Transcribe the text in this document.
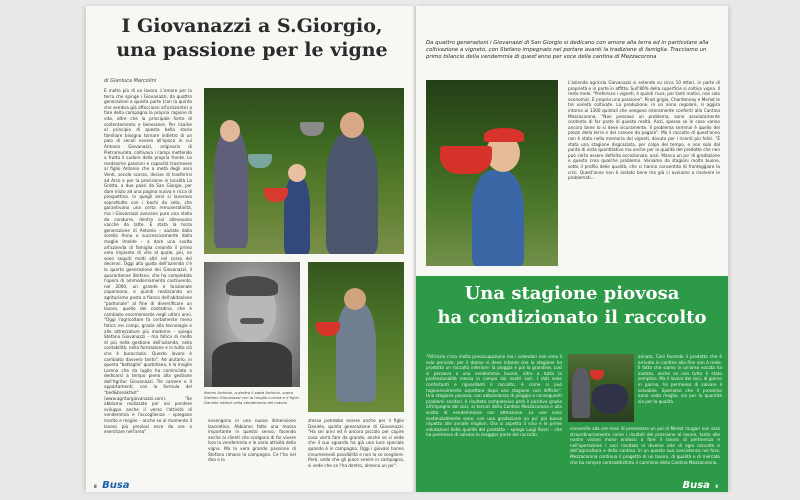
I Giovanazzi a S.Giorgio,
una passione per le vigne
di Gianluca Marcolini
È molto più di un lavoro. L'amore per la terra che spinge i Giovanazzi, da quattro generazioni a questa parte (con la quinta che sembra già affacciarsi all'orizzonte) a fare della campagna la propria ragione di vita, oltre che la principale fonte di sostentamento e benessere. Per risalire al principio di questa bella storia familiare bisogna tornare indietro di un paio di secoli ovvero all'epoca in cui Antonio Giovanazzi, originario di Pietramurata, coltivava i campi mettendo a frutto il sudore della propria fronte. Le medesime passioni e capacità trasmesse al figlio Antonio che a metà degli anni Venti, secolo scorso, decise di trasferirsi ad Arco e per la precisione in località La Grotta, a due passi da San Giorgio, per dare inizio ad una pagina nuova e ricca di prospettiva. In quegli anni si lavorava soprattutto con i bachi da seta, che garantivano una certa remuneratività, ma i Giovanazzi avevano pure una stalla da condurre, dentro cui allevavano vacche da latte. È stata la terza generazione di Antonio – aiutato dalla sorella Anna e successivamente dalla moglie Imelde – a dare una svolta all'azienda di famiglia creando il primo vero impianto di vite al quale, poi, ne sono seguiti molti altri nel corso dei decenni. Oggi alla guida dell'azienda c'è la quarta generazione dei Giovanazzi, il quarantenne Stefano, che ha completato l'opera di ammodernamento costruendo, nel 2000, un grande e funzionale capannone, e quindi realizzando un agriturismo posto a fianco dell'abitazione "padronale" al fine di diversificare un lavoro, quello del contadino, che è cambiato enormemente negli ultimi anni. "Oggi l'agricoltore fa certamente meno fatica nei campi, grazie alla tecnologia e alle attrezzature più moderne – spiega Stefano Giovanazzi – ma fatica di molto di più nella gestione dell'azienda, nella contabilità, nella formazione e in tutto ciò che è burocrazia. Questo lavoro è cambiato davvero tanto". Ad aiutarlo, in questa "battaglia" quotidiana, è la moglie Lorena che da luglio ha cominciato a dedicarsi a tempo pieno alla gestione dell'Agritur Giovanazzi. Tre camere e 4 appartamenti, con la formula del "bed&breakfast" (www.agriturgiovanazzi.com). "Se abbiamo realizzato per noi pendere sviluppo anche il verso l'attività di vendemmia e l'accoglienza – spiegano marito e moglie – anche se al momento il lavoro più preziosi esce da ore a esercitare nell'area".
Nonno Antonio, a destra il papà Antonio, sopra Stefano Giovanazzi con la moglie Lorena e il figlio Daniele intenti nella vendemmia del marzio
avvengono in una nuova dimensione lavorativa. Abbiamo fatto una mossa importante in questo senso, facendo anche ai clienti che scelgono di far vivere loro la vendemmia e le varie attività della vigna. Ma la vera grande passione di Stefano rimane la campagna. Ce l'ha nel dna e lo
stesso potrebbe essere anche per il figlio Daniele, quinta generazione di Giovanazzi. "Ha sei anni ed è ancora piccolo per capire cosa vorrà fare da grande, anche se si vede che il suo sguardo ha già una luce speciale quando è in campagna. Oggi i giovani hanno innumerevoli possibilità e non lo so scegliere. Però, vedo che gli piace venire in campagna, si vede che ce l'ha dentro, almeno un po'".
8 Busa
Da quattro generazioni i Giovanazzi di San Giorgio si dedicano con amore alla terra ed in particolare alla coltivazione a vigneto, con Stefano impegnato nel portare avanti la tradizione di famiglia. Tracciamo un primo bilancio della vendemmia di quest'anno per voce della cantina di Mezzacorona
L'azienda agricola Giovanazzi si estende su circa 10 ettari, in parte di proprietà e in parte in affitto. Sull'80% della superficie si coltiva vigna. Il resto mele. "Preferisco i vigneti, è quindi l'uva, per tanti motivi, non solo economici. È proprio una passione". Pinot grigio, Chardonnay e Merlot le tre varietà coltivate. La produzione, in un anno regolare, si aggira intorno ai 1300 quintali che vengono interamente conferiti alla Cantina Mezzacorona. "Non pensavo un problema, sono assolutamente contento di far parte di questa realtà. Anzi, spesso se le cose vanno ancora bene lo si deve sicuramente. Il problema semmai è quello dei prezzi della terra e del canone da pagare". Ma il raccolto di quest'anno non è stato nella memoria dei vigneti, dovuto per i ricordi più felici. "È stata una stagione disgraziata, per colpa del tempo, e non solo dal punto di vista quantitativo ma anche per la qualità del prodotto che non può certo essere definita eccezionale, anzi. Manca un po' di gradazione e questo crea qualche problema. Veniamo da stagioni molto buone, sotto il profilo delle qualità, che ci hanno consentito di fronteggiare la crisi. Quest'anno non è andato bene ma già ci avviamo a risolvere le problemati...
Una stagione piovosa
ha condizionato il raccolto
"All'inizio c'era molta preoccupazione ma i calendari non sono il solo pericolo; per il danno si deve intanto che la stagione ha prodotto un raccolto inferiore: la pioggia e poi la grandine, così si pensava a una vendemmia buona, oltre a tutta la professionalità messa in campo dai nostri soci. I dati sono confortanti e riguardanti il raccolto, è come si può ragionevolmente aspettare dopo una stagione così difficile". Una stagione piovosa, con abbondanza di pioggia e conseguenti problemi sanitari. Il risultato complessivo però è positivo grazie all'impegno dei soci, ai tecnici della Cantina Mezzacorona e alla scelta di vendemmiare con attenzione. Le uve sono sostanzialmente sane, con una gradazione un po' più bassa rispetto alle annate migliori. Ora si aspetta il vino e le prime valutazioni della qualità del prodotto – spiega Luigi Rossi – che ha permesso di salvare la maggior parte del raccolto.
annata. Così facendo il prodotto che è arrivato in cantina alla fine non è male. Il fatto che siamo in un'area vocata ha aiutato, anche se non tutto è stato semplice. Ma il lavoro dei soci, di giorno in giorno, ha permesso di salvare il salvabile. Speriamo che il prossimo anno vada meglio, sia per la quantità sia per la qualità.
convenite alla ore mesi di presentare un poi di Merlot mugari non sarà straordinariamente come i risultati del pressione al lavoro, tanto alle nostre visioni mono andassi a fare il lavoro di pertinenza e nell'operazione i soci risultato in diverse alte di ogni raccolto e dell'agricoltura e della cantina. In un questo sua consistenza nel fare, Mezzacorona continua il progetto di un lavoro, di qualità e di mercato che ha sempre contraddistinto il cammino della Cantina Mezzacorona.
Busa 9
